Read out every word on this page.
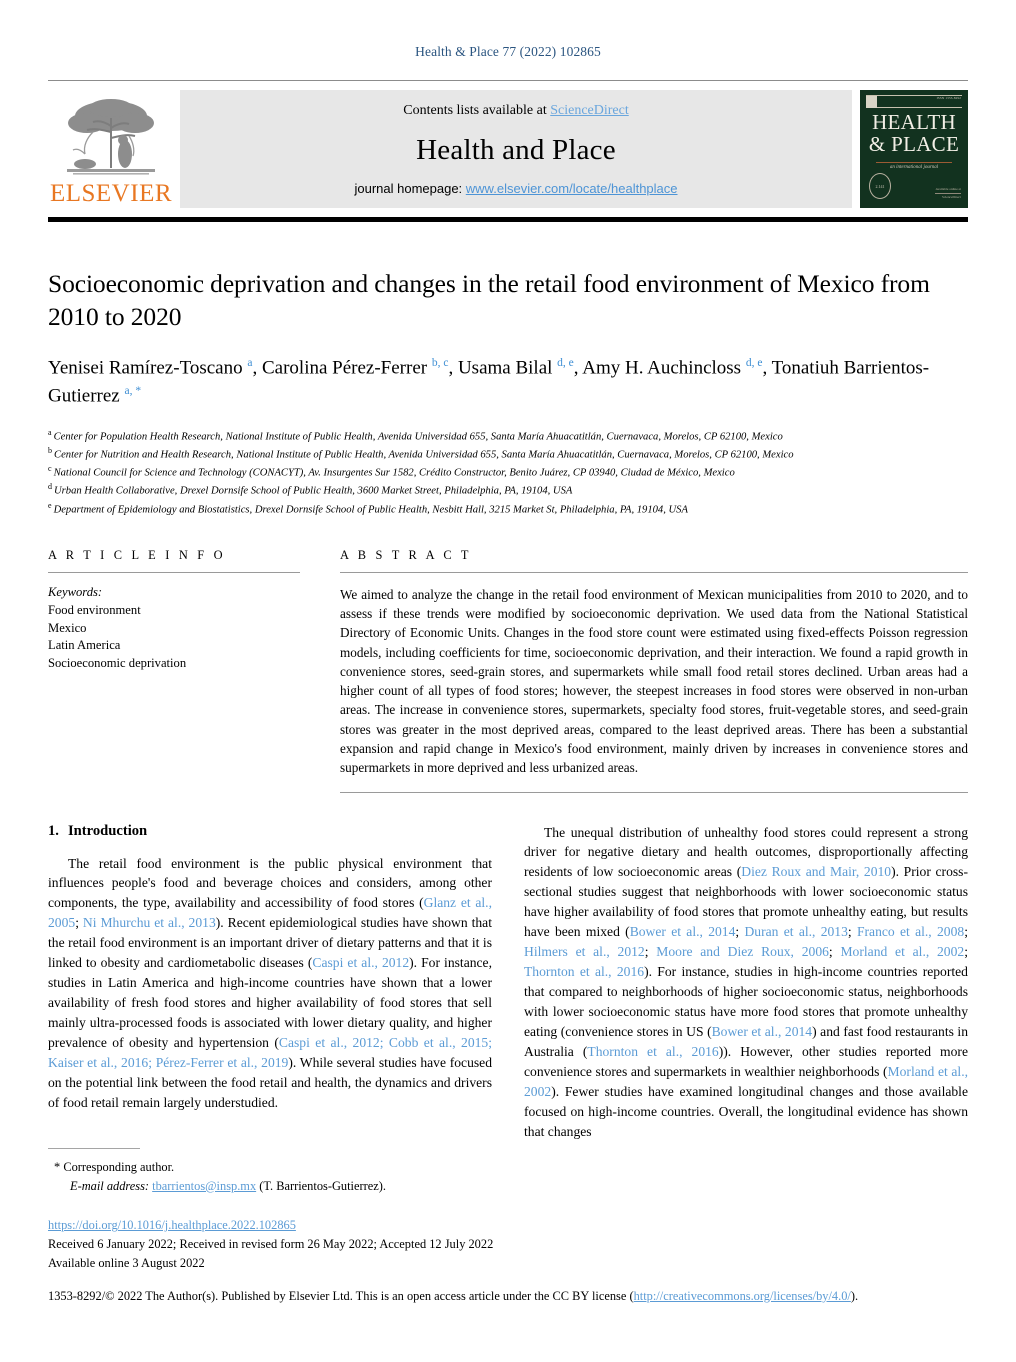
Health & Place 77 (2022) 102865
ELSEVIER
Contents lists available at ScienceDirect
Health and Place
journal homepage: www.elsevier.com/locate/healthplace
ISSN 1353-8292
HEALTH
& PLACE
an international journal
2.141
Available online at
ScienceDirect
Socioeconomic deprivation and changes in the retail food environment of Mexico from 2010 to 2020
Yenisei Ramírez-Toscano $^a$, Carolina Pérez-Ferrer $^{b, c}$, Usama Bilal $^{d, e}$, Amy H. Auchincloss $^{d, e}$, Tonatiuh Barrientos-Gutierrez $^{a, *}$
$^a$ Center for Population Health Research, National Institute of Public Health, Avenida Universidad 655, Santa María Ahuacatitlán, Cuernavaca, Morelos, CP 62100, Mexico
$^b$ Center for Nutrition and Health Research, National Institute of Public Health, Avenida Universidad 655, Santa María Ahuacatitlán, Cuernavaca, Morelos, CP 62100, Mexico
$^c$ National Council for Science and Technology (CONACYT), Av. Insurgentes Sur 1582, Crédito Constructor, Benito Juárez, CP 03940, Ciudad de México, Mexico
$^d$ Urban Health Collaborative, Drexel Dornsife School of Public Health, 3600 Market Street, Philadelphia, PA, 19104, USA
$^e$ Department of Epidemiology and Biostatistics, Drexel Dornsife School of Public Health, Nesbitt Hall, 3215 Market St, Philadelphia, PA, 19104, USA
A R T I C L E I N F O
Keywords:
Food environment
Mexico
Latin America
Socioeconomic deprivation
A B S T R A C T
We aimed to analyze the change in the retail food environment of Mexican municipalities from 2010 to 2020, and to assess if these trends were modified by socioeconomic deprivation. We used data from the National Statistical Directory of Economic Units. Changes in the food store count were estimated using fixed-effects Poisson regression models, including coefficients for time, socioeconomic deprivation, and their interaction. We found a rapid growth in convenience stores, seed-grain stores, and supermarkets while small food retail stores declined. Urban areas had a higher count of all types of food stores; however, the steepest increases in food stores were observed in non-urban areas. The increase in convenience stores, supermarkets, specialty food stores, fruit-vegetable stores, and seed-grain stores was greater in the most deprived areas, compared to the least deprived areas. There has been a substantial expansion and rapid change in Mexico's food environment, mainly driven by increases in convenience stores and supermarkets in more deprived and less urbanized areas.
1. Introduction

The retail food environment is the public physical environment that influences people's food and beverage choices and considers, among other components, the type, availability and accessibility of food stores (Glanz et al., 2005; Ni Mhurchu et al., 2013). Recent epidemiological studies have shown that the retail food environment is an important driver of dietary patterns and that it is linked to obesity and cardiometabolic diseases (Caspi et al., 2012). For instance, studies in Latin America and high-income countries have shown that a lower availability of fresh food stores and higher availability of food stores that sell mainly ultra-processed foods is associated with lower dietary quality, and higher prevalence of obesity and hypertension (Caspi et al., 2012; Cobb et al., 2015; Kaiser et al., 2016; Pérez-Ferrer et al., 2019). While several studies have focused on the potential link between the food retail and health, the dynamics and drivers of food retail remain largely understudied.

The unequal distribution of unhealthy food stores could represent a strong driver for negative dietary and health outcomes, disproportionally affecting residents of low socioeconomic areas (Diez Roux and Mair, 2010). Prior cross-sectional studies suggest that neighborhoods with lower socioeconomic status have higher availability of food stores that promote unhealthy eating, but results have been mixed (Bower et al., 2014; Duran et al., 2013; Franco et al., 2008; Hilmers et al., 2012; Moore and Diez Roux, 2006; Morland et al., 2002; Thornton et al., 2016). For instance, studies in high-income countries reported that compared to neighborhoods of higher socioeconomic status, neighborhoods with lower socioeconomic status have more food stores that promote unhealthy eating (convenience stores in US (Bower et al., 2014) and fast food restaurants in Australia (Thornton et al., 2016)). However, other studies reported more convenience stores and supermarkets in wealthier neighborhoods (Morland et al., 2002). Fewer studies have examined longitudinal changes and those available focused on high-income countries. Overall, the longitudinal evidence has shown that changes

* Corresponding author.
E-mail address: tbarrientos@insp.mx (T. Barrientos-Gutierrez).
https://doi.org/10.1016/j.healthplace.2022.102865
Received 6 January 2022; Received in revised form 26 May 2022; Accepted 12 July 2022
Available online 3 August 2022
1353-8292/© 2022 The Author(s). Published by Elsevier Ltd. This is an open access article under the CC BY license (http://creativecommons.org/licenses/by/4.0/).
